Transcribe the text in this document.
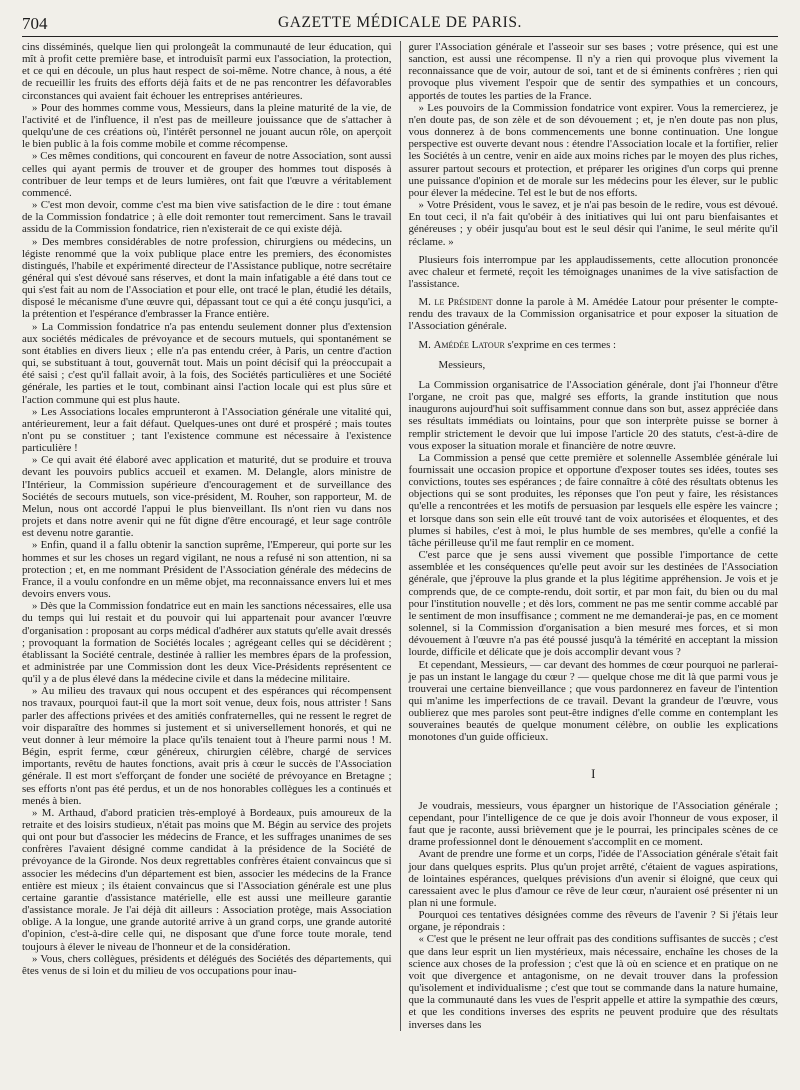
704	GAZETTE MÉDICALE DE PARIS.

cins disséminés, quelque lien qui prolongeât la communauté de leur éducation, qui mît à profit cette première base, et introduisît parmi eux l'association, la protection, et ce qui en découle, un plus haut respect de soi-même. Notre chance, à nous, a été de recueillir les fruits des efforts déjà faits et de ne pas rencontrer les défavorables circonstances qui avaient fait échouer les entreprises antérieures.

» Pour des hommes comme vous, Messieurs, dans la pleine maturité de la vie, de l'activité et de l'influence, il n'est pas de meilleure jouissance que de s'attacher à quelqu'une de ces créations où, l'intérêt personnel ne jouant aucun rôle, on aperçoit le bien public à la fois comme mobile et comme récompense.

» Ces mêmes conditions, qui concourent en faveur de notre Association, sont aussi celles qui ayant permis de trouver et de grouper des hommes tout disposés à contribuer de leur temps et de leurs lumières, ont fait que l'œuvre a véritablement commencé.

» C'est mon devoir, comme c'est ma bien vive satisfaction de le dire : tout émane de la Commission fondatrice ; à elle doit remonter tout remerciment. Sans le travail assidu de la Commission fondatrice, rien n'existerait de ce qui existe déjà.

» Des membres considérables de notre profession, chirurgiens ou médecins, un légiste renommé que la voix publique place entre les premiers, des économistes distingués, l'habile et expérimenté directeur de l'Assistance publique, notre secrétaire général qui s'est dévoué sans réserves, et dont la main infatigable a été dans tout ce qui s'est fait au nom de l'Association et pour elle, ont tracé le plan, étudié les détails, disposé le mécanisme d'une œuvre qui, dépassant tout ce qui a été conçu jusqu'ici, a la prétention et l'espérance d'embrasser la France entière.

» La Commission fondatrice n'a pas entendu seulement donner plus d'extension aux sociétés médicales de prévoyance et de secours mutuels, qui spontanément se sont établies en divers lieux ; elle n'a pas entendu créer, à Paris, un centre d'action qui, se substituant à tout, gouvernât tout. Mais un point décisif qui la préoccupait a été saisi ; c'est qu'il fallait avoir, à la fois, des Sociétés particulières et une Société générale, les parties et le tout, combinant ainsi l'action locale qui est plus sûre et l'action commune qui est plus haute.

» Les Associations locales emprunteront à l'Association générale une vitalité qui, antérieurement, leur a fait défaut. Quelques-unes ont duré et prospéré ; mais toutes n'ont pu se constituer ; tant l'existence commune est nécessaire à l'existence particulière !

» Ce qui avait été élaboré avec application et maturité, dut se produire et trouva devant les pouvoirs publics accueil et examen. M. Delangle, alors ministre de l'Intérieur, la Commission supérieure d'encouragement et de surveillance des Sociétés de secours mutuels, son vice-président, M. Rouher, son rapporteur, M. de Melun, nous ont accordé l'appui le plus bienveillant. Ils n'ont rien vu dans nos projets et dans notre avenir qui ne fût digne d'être encouragé, et leur sage contrôle est devenu notre garantie.

» Enfin, quand il a fallu obtenir la sanction suprême, l'Empereur, qui porte sur les hommes et sur les choses un regard vigilant, ne nous a refusé ni son attention, ni sa protection ; et, en me nommant Président de l'Association générale des médecins de France, il a voulu confondre en un même objet, ma reconnaissance envers lui et mes devoirs envers vous.

» Dès que la Commission fondatrice eut en main les sanctions nécessaires, elle usa du temps qui lui restait et du pouvoir qui lui appartenait pour avancer l'œuvre d'organisation : proposant au corps médical d'adhérer aux statuts qu'elle avait dressés ; provoquant la formation de Sociétés locales ; agrégeant celles qui se décidèrent ; établissant la Société centrale, destinée à rallier les membres épars de la profession, et administrée par une Commission dont les deux Vice-Présidents représentent ce qu'il y a de plus élevé dans la médecine civile et dans la médecine militaire.

» Au milieu des travaux qui nous occupent et des espérances qui récompensent nos travaux, pourquoi faut-il que la mort soit venue, deux fois, nous attrister ! Sans parler des affections privées et des amitiés confraternelles, qui ne ressent le regret de voir disparaître des hommes si justement et si universellement honorés, et qui ne veut donner à leur mémoire la place qu'ils tenaient tout à l'heure parmi nous ! M. Bégin, esprit ferme, cœur généreux, chirurgien célèbre, chargé de services importants, revêtu de hautes fonctions, avait pris à cœur le succès de l'Association générale. Il est mort s'efforçant de fonder une société de prévoyance en Bretagne ; ses efforts n'ont pas été perdus, et un de nos honorables collègues les a continués et menés à bien.

» M. Arthaud, d'abord praticien très-employé à Bordeaux, puis amoureux de la retraite et des loisirs studieux, n'était pas moins que M. Bégin au service des projets qui ont pour but d'associer les médecins de France, et les suffrages unanimes de ses confrères l'avaient désigné comme candidat à la présidence de la Société de prévoyance de la Gironde. Nos deux regrettables confrères étaient convaincus que si associer les médecins d'un département est bien, associer les médecins de la France entière est mieux ; ils étaient convaincus que si l'Association générale est une plus certaine garantie d'assistance matérielle, elle est aussi une meilleure garantie d'assistance morale. Je l'ai déjà dit ailleurs : Association protège, mais Association oblige. A la longue, une grande autorité arrive à un grand corps, une grande autorité d'opinion, c'est-à-dire celle qui, ne disposant que d'une force toute morale, tend toujours à élever le niveau de l'honneur et de la considération.

» Vous, chers collègues, présidents et délégués des Sociétés des départements, qui êtes venus de si loin et du milieu de vos occupations pour inau-

gurer l'Association générale et l'asseoir sur ses bases ; votre présence, qui est une sanction, est aussi une récompense. Il n'y a rien qui provoque plus vivement la reconnaissance que de voir, autour de soi, tant et de si éminents confrères ; rien qui provoque plus vivement l'espoir que de sentir des sympathies et un concours, apportés de toutes les parties de la France.

» Les pouvoirs de la Commission fondatrice vont expirer. Vous la remercierez, je n'en doute pas, de son zèle et de son dévouement ; et, je n'en doute pas non plus, vous donnerez à de bons commencements une bonne continuation. Une longue perspective est ouverte devant nous : étendre l'Association locale et la fortifier, relier les Sociétés à un centre, venir en aide aux moins riches par le moyen des plus riches, assurer partout secours et protection, et préparer les origines d'un corps qui prenne une puissance d'opinion et de morale sur les médecins pour les élever, sur le public pour élever la médecine. Tel est le but de nos efforts.

» Votre Président, vous le savez, et je n'ai pas besoin de le redire, vous est dévoué. En tout ceci, il n'a fait qu'obéir à des initiatives qui lui ont paru bienfaisantes et généreuses ; y obéir jusqu'au bout est le seul désir qui l'anime, le seul mérite qu'il réclame. »

Plusieurs fois interrompue par les applaudissements, cette allocution prononcée avec chaleur et fermeté, reçoit les témoignages unanimes de la vive satisfaction de l'assistance.

M. le Président donne la parole à M. Amédée Latour pour présenter le compte-rendu des travaux de la Commission organisatrice et pour exposer la situation de l'Association générale.

M. Amédée Latour s'exprime en ces termes :

Messieurs,

La Commission organisatrice de l'Association générale, dont j'ai l'honneur d'être l'organe, ne croit pas que, malgré ses efforts, la grande institution que nous inaugurons aujourd'hui soit suffisamment connue dans son but, assez appréciée dans ses résultats immédiats ou lointains, pour que son interprète puisse se borner à remplir strictement le devoir que lui impose l'article 20 des statuts, c'est-à-dire de vous exposer la situation morale et financière de notre œuvre.

La Commission a pensé que cette première et solennelle Assemblée générale lui fournissait une occasion propice et opportune d'exposer toutes ses idées, toutes ses convictions, toutes ses espérances ; de faire connaître à côté des résultats obtenus les objections qui se sont produites, les réponses que l'on peut y faire, les résistances qu'elle a rencontrées et les motifs de persuasion par lesquels elle espère les vaincre ; et lorsque dans son sein elle eût trouvé tant de voix autorisées et éloquentes, et des plumes si habiles, c'est à moi, le plus humble de ses membres, qu'elle a confié la tâche périlleuse qu'il me faut remplir en ce moment.

C'est parce que je sens aussi vivement que possible l'importance de cette assemblée et les conséquences qu'elle peut avoir sur les destinées de l'Association générale, que j'éprouve la plus grande et la plus légitime appréhension. Je vois et je comprends que, de ce compte-rendu, doit sortir, et par mon fait, du bien ou du mal pour l'institution nouvelle ; et dès lors, comment ne pas me sentir comme accablé par le sentiment de mon insuffisance ; comment ne me demanderai-je pas, en ce moment solennel, si la Commission d'organisation a bien mesuré mes forces, et si mon dévouement à l'œuvre n'a pas été poussé jusqu'à la témérité en acceptant la mission lourde, difficile et délicate que je dois accomplir devant vous ?

Et cependant, Messieurs, — car devant des hommes de cœur pourquoi ne parlerai-je pas un instant le langage du cœur ? — quelque chose me dit là que parmi vous je trouverai une certaine bienveillance ; que vous pardonnerez en faveur de l'intention qui m'anime les imperfections de ce travail. Devant la grandeur de l'œuvre, vous oublierez que mes paroles sont peut-être indignes d'elle comme en contemplant les souveraines beautés de quelque monument célèbre, on oublie les explications monotones d'un guide officieux.

I

Je voudrais, messieurs, vous épargner un historique de l'Association générale ; cependant, pour l'intelligence de ce que je dois avoir l'honneur de vous exposer, il faut que je raconte, aussi brièvement que je le pourrai, les principales scènes de ce drame professionnel dont le dénouement s'accomplit en ce moment.

Avant de prendre une forme et un corps, l'idée de l'Association générale s'était fait jour dans quelques esprits. Plus qu'un projet arrêté, c'étaient de vagues aspirations, de lointaines espérances, quelques prévisions d'un avenir si éloigné, que ceux qui caressaient avec le plus d'amour ce rêve de leur cœur, n'auraient osé présenter ni un plan ni une formule.

Pourquoi ces tentatives désignées comme des rêveurs de l'avenir ? Si j'étais leur organe, je répondrais :

« C'est que le présent ne leur offrait pas des conditions suffisantes de succès ; c'est que dans leur esprit un lien mystérieux, mais nécessaire, enchaîne les choses de la science aux choses de la profession ; c'est que là où en science et en pratique on ne voit que divergence et antagonisme, on ne devait trouver dans la profession qu'isolement et individualisme ; c'est que tout se commande dans la nature humaine, que la communauté dans les vues de l'esprit appelle et attire la sympathie des cœurs, et que les conditions inverses des esprits ne peuvent produire que des résultats inverses dans les
